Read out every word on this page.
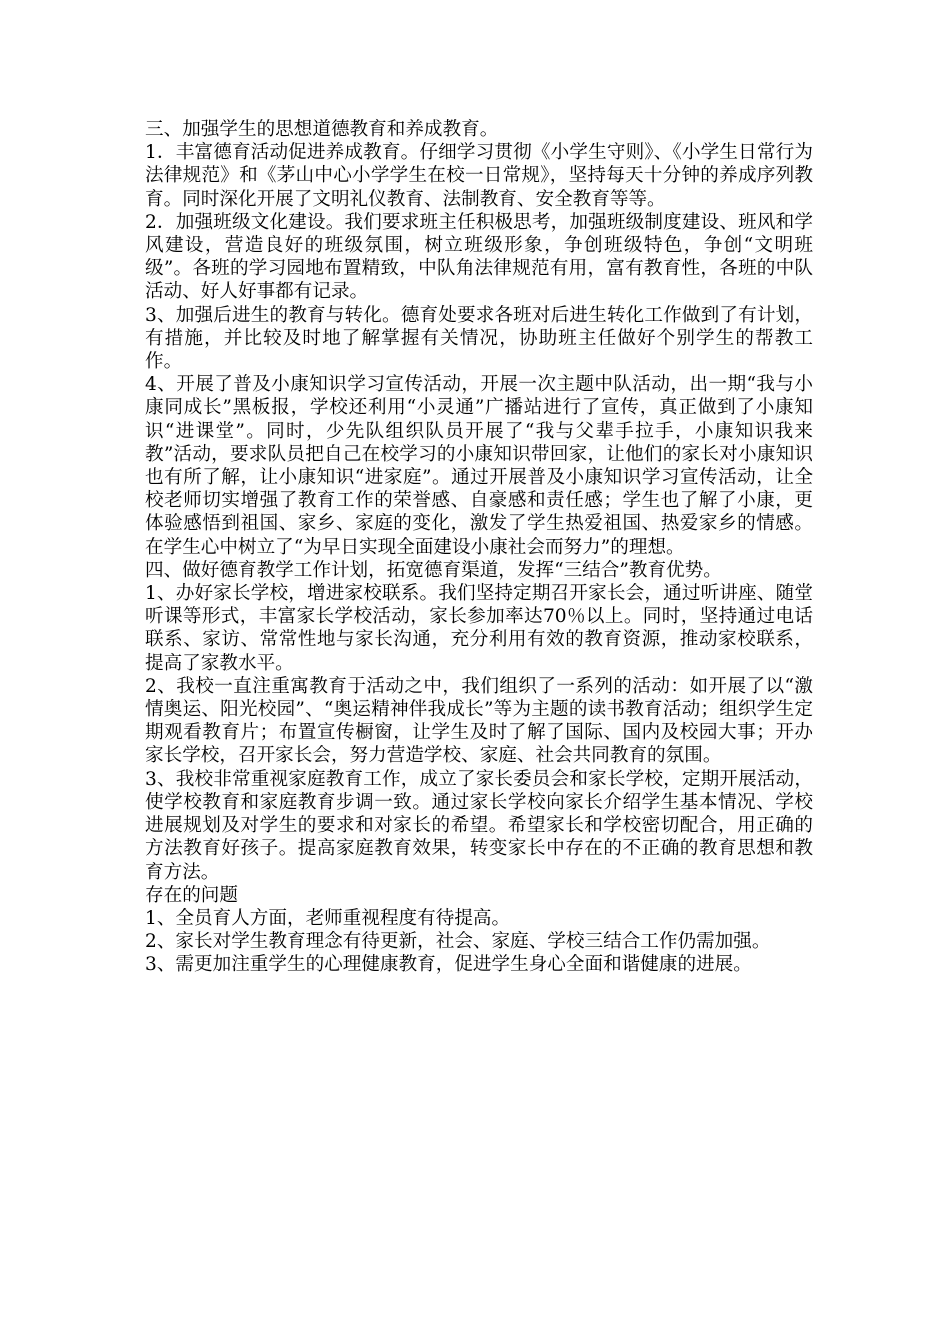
三、加强学生的思想道德教育和养成教育。

1．丰富德育活动促进养成教育。仔细学习贯彻《小学生守则》、《小学生日常行为法律规范》和《茅山中心小学学生在校一日常规》，坚持每天十分钟的养成序列教育。同时深化开展了文明礼仪教育、法制教育、安全教育等等。

2．加强班级文化建设。我们要求班主任积极思考，加强班级制度建设、班风和学风建设，营造良好的班级氛围，树立班级形象，争创班级特色，争创“文明班级”。各班的学习园地布置精致，中队角法律规范有用，富有教育性，各班的中队活动、好人好事都有记录。

3、加强后进生的教育与转化。德育处要求各班对后进生转化工作做到了有计划，有措施，并比较及时地了解掌握有关情况，协助班主任做好个别学生的帮教工作。

4、开展了普及小康知识学习宣传活动，开展一次主题中队活动，出一期“我与小康同成长”黑板报，学校还利用“小灵通”广播站进行了宣传，真正做到了小康知识“进课堂”。同时，少先队组织队员开展了“我与父辈手拉手，小康知识我来教”活动，要求队员把自己在校学习的小康知识带回家，让他们的家长对小康知识也有所了解，让小康知识“进家庭”。通过开展普及小康知识学习宣传活动，让全校老师切实增强了教育工作的荣誉感、自豪感和责任感；学生也了解了小康，更体验感悟到祖国、家乡、家庭的变化，激发了学生热爱祖国、热爱家乡的情感。在学生心中树立了“为早日实现全面建设小康社会而努力”的理想。

四、做好德育教学工作计划，拓宽德育渠道，发挥“三结合”教育优势。

1、办好家长学校，增进家校联系。我们坚持定期召开家长会，通过听讲座、随堂听课等形式，丰富家长学校活动，家长参加率达70％以上。同时，坚持通过电话联系、家访、常常性地与家长沟通，充分利用有效的教育资源，推动家校联系，提高了家教水平。

2、我校一直注重寓教育于活动之中，我们组织了一系列的活动：如开展了以“激情奥运、阳光校园”、“奥运精神伴我成长”等为主题的读书教育活动；组织学生定期观看教育片；布置宣传橱窗，让学生及时了解了国际、国内及校园大事；开办家长学校，召开家长会，努力营造学校、家庭、社会共同教育的氛围。

3、我校非常重视家庭教育工作，成立了家长委员会和家长学校，定期开展活动，使学校教育和家庭教育步调一致。通过家长学校向家长介绍学生基本情况、学校进展规划及对学生的要求和对家长的希望。希望家长和学校密切配合，用正确的方法教育好孩子。提高家庭教育效果，转变家长中存在的不正确的教育思想和教育方法。

存在的问题

1、全员育人方面，老师重视程度有待提高。

2、家长对学生教育理念有待更新，社会、家庭、学校三结合工作仍需加强。

3、需更加注重学生的心理健康教育，促进学生身心全面和谐健康的进展。
